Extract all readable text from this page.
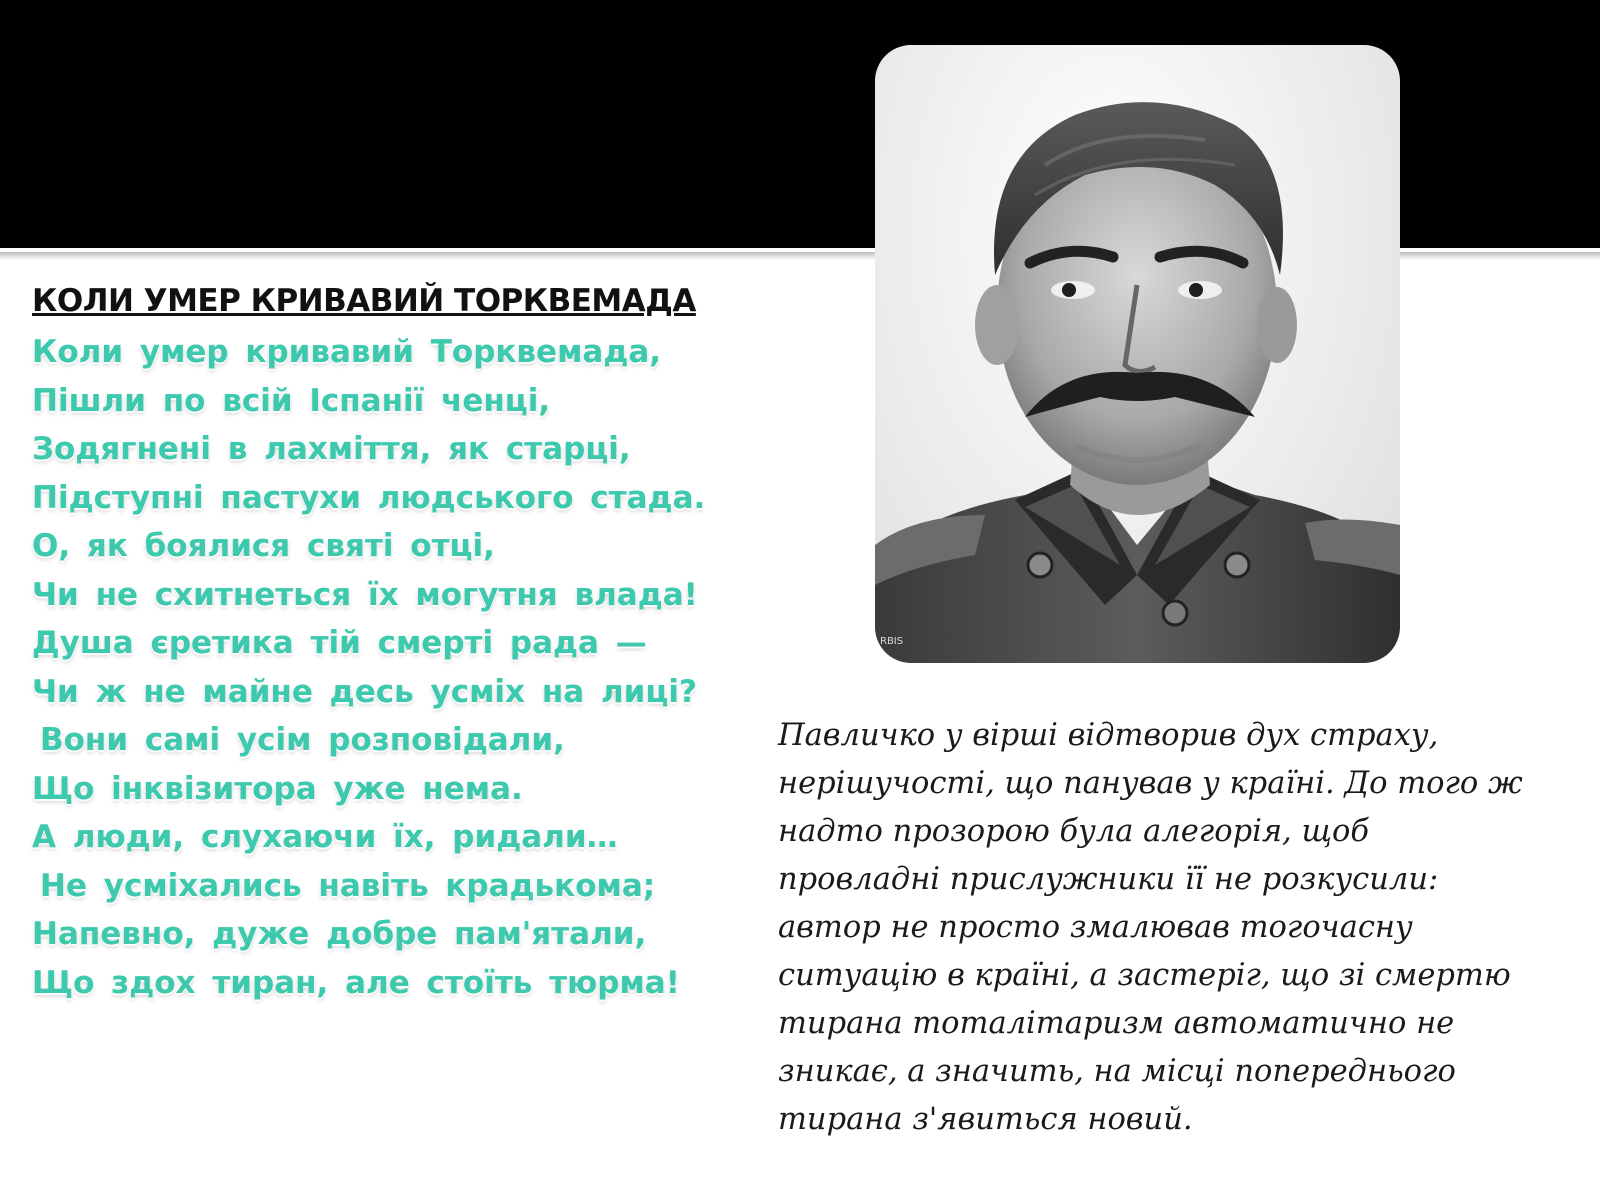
КОЛИ УМЕР КРИВАВИЙ ТОРКВЕМАДА
Коли умер кривавий Торквемада,
Пішли по всій Іспанії ченці,
Зодягнені в лахміття, як старці,
Підступні пастухи людського стада.
О, як боялися святі отці,
Чи не схитнеться їх могутня влада!
Душа єретика тій смерті рада —
Чи ж не майне десь усміх на лиці?
Вони самі усім розповідали,
Що інквізитора уже нема.
А люди, слухаючи їх, ридали…
Не усміхались навіть крадькома;
Напевно, дуже добре пам'ятали,
Що здох тиран, але стоїть тюрма!
RBIS
Павличко у вірші відтворив дух страху,
нерішучості, що панував у країні. До того ж
надто прозорою була алегорія, щоб
провладні прислужники її не розкусили:
автор не просто змалював тогочасну
ситуацію в країні, а застеріг, що зі смертю
тирана тоталітаризм автоматично не
зникає, а значить, на місці попереднього
тирана з'явиться новий.
